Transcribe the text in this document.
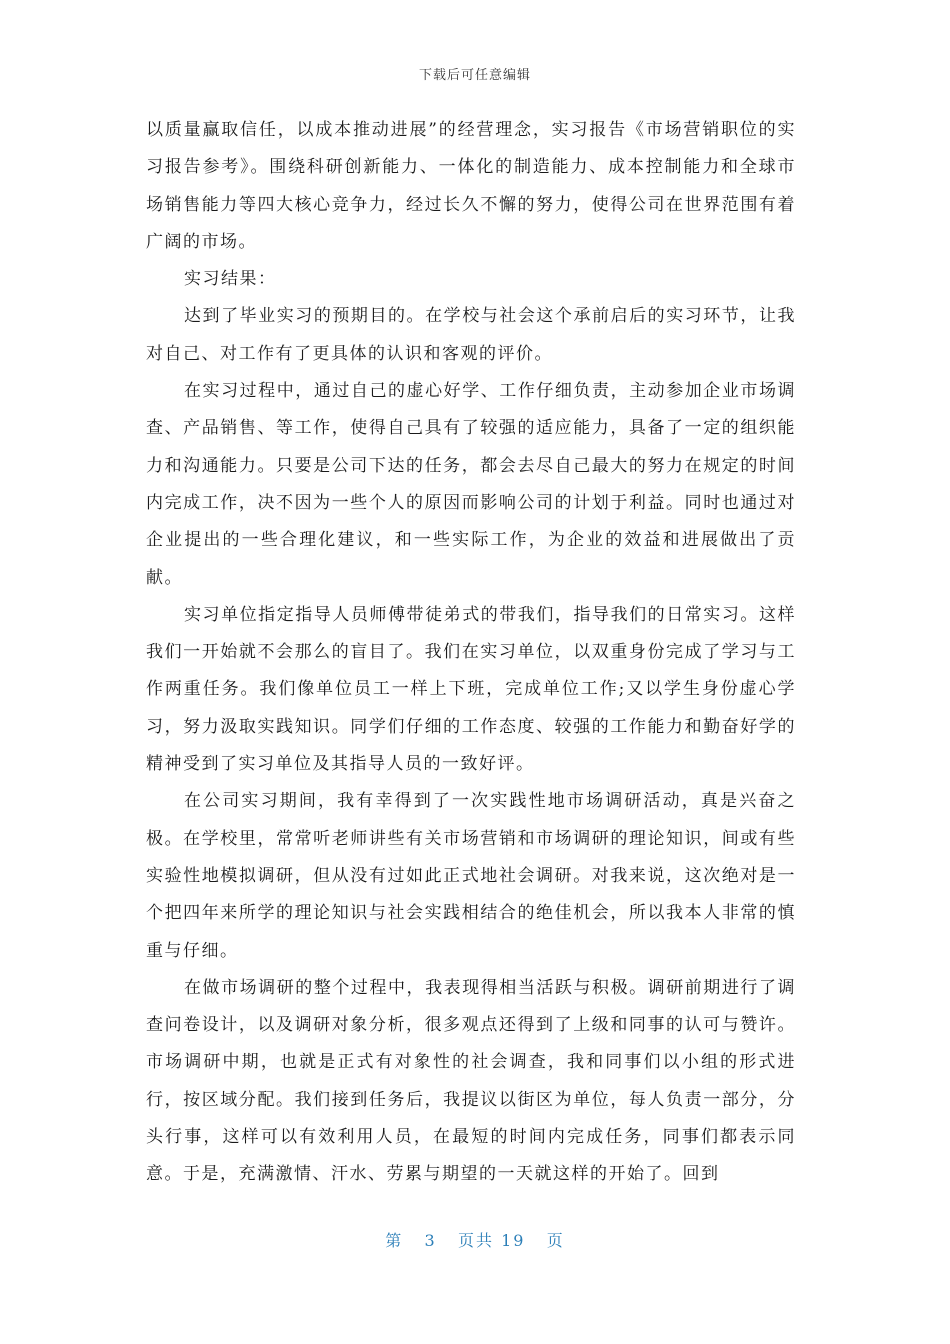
下载后可任意编辑

以质量赢取信任，以成本推动进展”的经营理念，实习报告《市场营销职位的实习报告参考》。围绕科研创新能力、一体化的制造能力、成本控制能力和全球市场销售能力等四大核心竞争力，经过长久不懈的努力，使得公司在世界范围有着广阔的市场。

实习结果：

达到了毕业实习的预期目的。在学校与社会这个承前启后的实习环节，让我对自己、对工作有了更具体的认识和客观的评价。

在实习过程中，通过自己的虚心好学、工作仔细负责，主动参加企业市场调查、产品销售、等工作，使得自己具有了较强的适应能力，具备了一定的组织能力和沟通能力。只要是公司下达的任务，都会去尽自己最大的努力在规定的时间内完成工作，决不因为一些个人的原因而影响公司的计划于利益。同时也通过对企业提出的一些合理化建议，和一些实际工作，为企业的效益和进展做出了贡献。

实习单位指定指导人员师傅带徒弟式的带我们，指导我们的日常实习。这样我们一开始就不会那么的盲目了。我们在实习单位，以双重身份完成了学习与工作两重任务。我们像单位员工一样上下班，完成单位工作;又以学生身份虚心学习，努力汲取实践知识。同学们仔细的工作态度、较强的工作能力和勤奋好学的精神受到了实习单位及其指导人员的一致好评。

在公司实习期间，我有幸得到了一次实践性地市场调研活动，真是兴奋之极。在学校里，常常听老师讲些有关市场营销和市场调研的理论知识，间或有些实验性地模拟调研，但从没有过如此正式地社会调研。对我来说，这次绝对是一个把四年来所学的理论知识与社会实践相结合的绝佳机会，所以我本人非常的慎重与仔细。

在做市场调研的整个过程中，我表现得相当活跃与积极。调研前期进行了调查问卷设计，以及调研对象分析，很多观点还得到了上级和同事的认可与赞许。市场调研中期，也就是正式有对象性的社会调查，我和同事们以小组的形式进行，按区域分配。我们接到任务后，我提议以街区为单位，每人负责一部分，分头行事，这样可以有效利用人员，在最短的时间内完成任务，同事们都表示同意。于是，充满激情、汗水、劳累与期望的一天就这样的开始了。回到

第 3 页共 19 页
